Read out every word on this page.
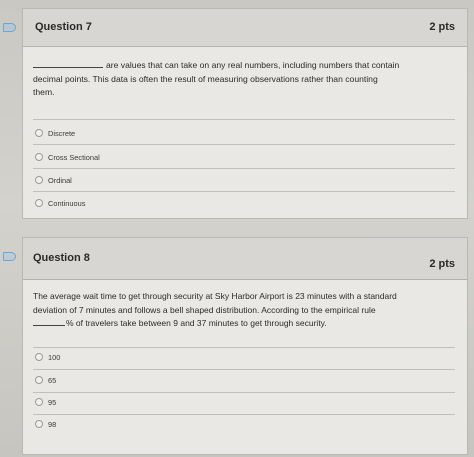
Question 7	2 pts
are values that can take on any real numbers, including numbers that contain
decimal points. This data is often the result of measuring observations rather than counting
them.
Discrete
Cross Sectional
Ordinal
Continuous
Question 8	2 pts
The average wait time to get through security at Sky Harbor Airport is 23 minutes with a standard
deviation of 7 minutes and follows a bell shaped distribution. According to the empirical rule
% of travelers take between 9 and 37 minutes to get through security.
100
65
95
98
